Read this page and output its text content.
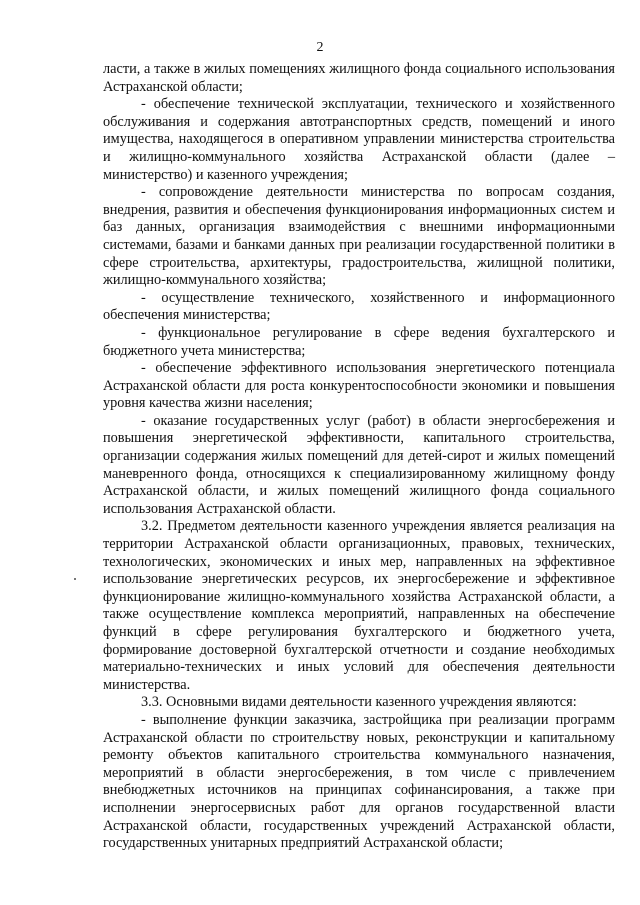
2

ласти, а также в жилых помещениях жилищного фонда социального использования Астраханской области;

- обеспечение технической эксплуатации, технического и хозяйственного обслуживания и содержания автотранспортных средств, помещений и иного имущества, находящегося в оперативном управлении министерства строительства и жилищно-коммунального хозяйства Астраханской области (далее – министерство) и казенного учреждения;

- сопровождение деятельности министерства по вопросам создания, внедрения, развития и обеспечения функционирования информационных систем и баз данных, организация взаимодействия с внешними информационными системами, базами и банками данных при реализации государственной политики в сфере строительства, архитектуры, градостроительства, жилищной политики, жилищно-коммунального хозяйства;

- осуществление технического, хозяйственного и информационного обеспечения министерства;

- функциональное регулирование в сфере ведения бухгалтерского и бюджетного учета министерства;

- обеспечение эффективного использования энергетического потенциала Астраханской области для роста конкурентоспособности экономики и повышения уровня качества жизни населения;

- оказание государственных услуг (работ) в области энергосбережения и повышения энергетической эффективности, капитального строительства, организации содержания жилых помещений для детей-сирот и жилых помещений маневренного фонда, относящихся к специализированному жилищному фонду Астраханской области, и жилых помещений жилищного фонда социального использования Астраханской области.

3.2. Предметом деятельности казенного учреждения является реализация на территории Астраханской области организационных, правовых, технических, технологических, экономических и иных мер, направленных на эффективное использование энергетических ресурсов, их энергосбережение и эффективное функционирование жилищно-коммунального хозяйства Астраханской области, а также осуществление комплекса мероприятий, направленных на обеспечение функций в сфере регулирования бухгалтерского и бюджетного учета, формирование достоверной бухгалтерской отчетности и создание необходимых материально-технических и иных условий для обеспечения деятельности министерства.

3.3. Основными видами деятельности казенного учреждения являются:

- выполнение функции заказчика, застройщика при реализации программ Астраханской области по строительству новых, реконструкции и капитальному ремонту объектов капитального строительства коммунального назначения, мероприятий в области энергосбережения, в том числе с привлечением внебюджетных источников на принципах софинансирования, а также при исполнении энергосервисных работ для органов государственной власти Астраханской области, государственных учреждений Астраханской области, государственных унитарных предприятий Астраханской области;
